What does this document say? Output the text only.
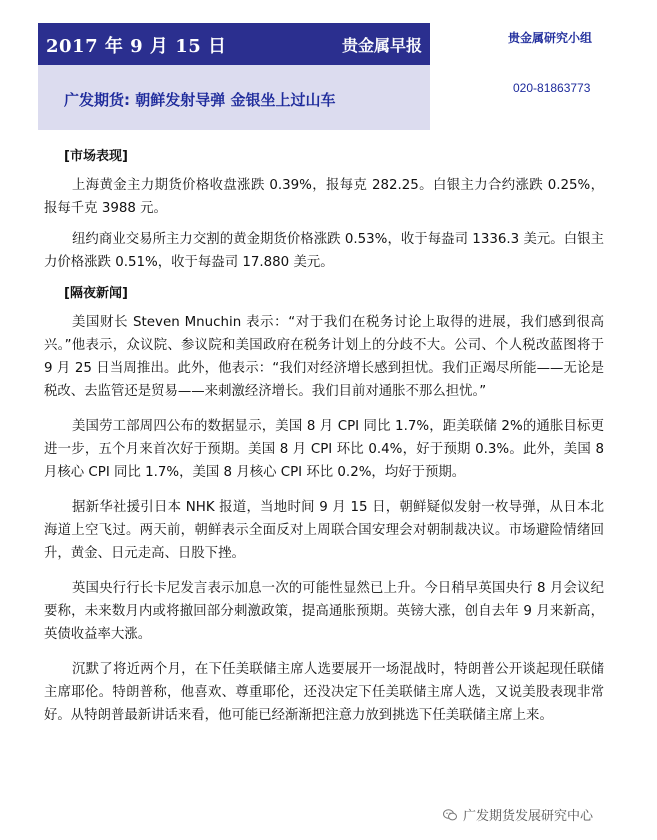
2017 年 9 月 15 日	贵金属早报
广发期货: 朝鲜发射导弹 金银坐上过山车
贵金属研究小组
020-81863773
[市场表现]

上海黄金主力期货价格收盘涨跌 0.39%，报每克 282.25。白银主力合约涨跌 0.25%，报每千克 3988 元。

纽约商业交易所主力交割的黄金期货价格涨跌 0.53%，收于每盎司 1336.3 美元。白银主力价格涨跌 0.51%，收于每盎司 17.880 美元。

[隔夜新闻]

美国财长 Steven Mnuchin 表示：“对于我们在税务讨论上取得的进展，我们感到很高兴。”他表示，众议院、参议院和美国政府在税务计划上的分歧不大。公司、个人税改蓝图将于 9 月 25 日当周推出。此外，他表示：“我们对经济增长感到担忧。我们正竭尽所能——无论是税改、去监管还是贸易——来刺激经济增长。我们目前对通胀不那么担忧。”

美国劳工部周四公布的数据显示，美国 8 月 CPI 同比 1.7%，距美联储 2%的通胀目标更进一步，五个月来首次好于预期。美国 8 月 CPI 环比 0.4%，好于预期 0.3%。此外，美国 8 月核心 CPI 同比 1.7%，美国 8 月核心 CPI 环比 0.2%，均好于预期。

据新华社援引日本 NHK 报道，当地时间 9 月 15 日，朝鲜疑似发射一枚导弹，从日本北海道上空飞过。两天前，朝鲜表示全面反对上周联合国安理会对朝制裁决议。市场避险情绪回升，黄金、日元走高、日股下挫。

英国央行行长卡尼发言表示加息一次的可能性显然已上升。今日稍早英国央行 8 月会议纪要称，未来数月内或将撤回部分刺激政策，提高通胀预期。英镑大涨，创自去年 9 月来新高，英债收益率大涨。

沉默了将近两个月，在下任美联储主席人选要展开一场混战时，特朗普公开谈起现任联储主席耶伦。特朗普称，他喜欢、尊重耶伦，还没决定下任美联储主席人选，又说美股表现非常好。从特朗普最新讲话来看，他可能已经渐渐把注意力放到挑选下任美联储主席上来。

广发期货发展研究中心
